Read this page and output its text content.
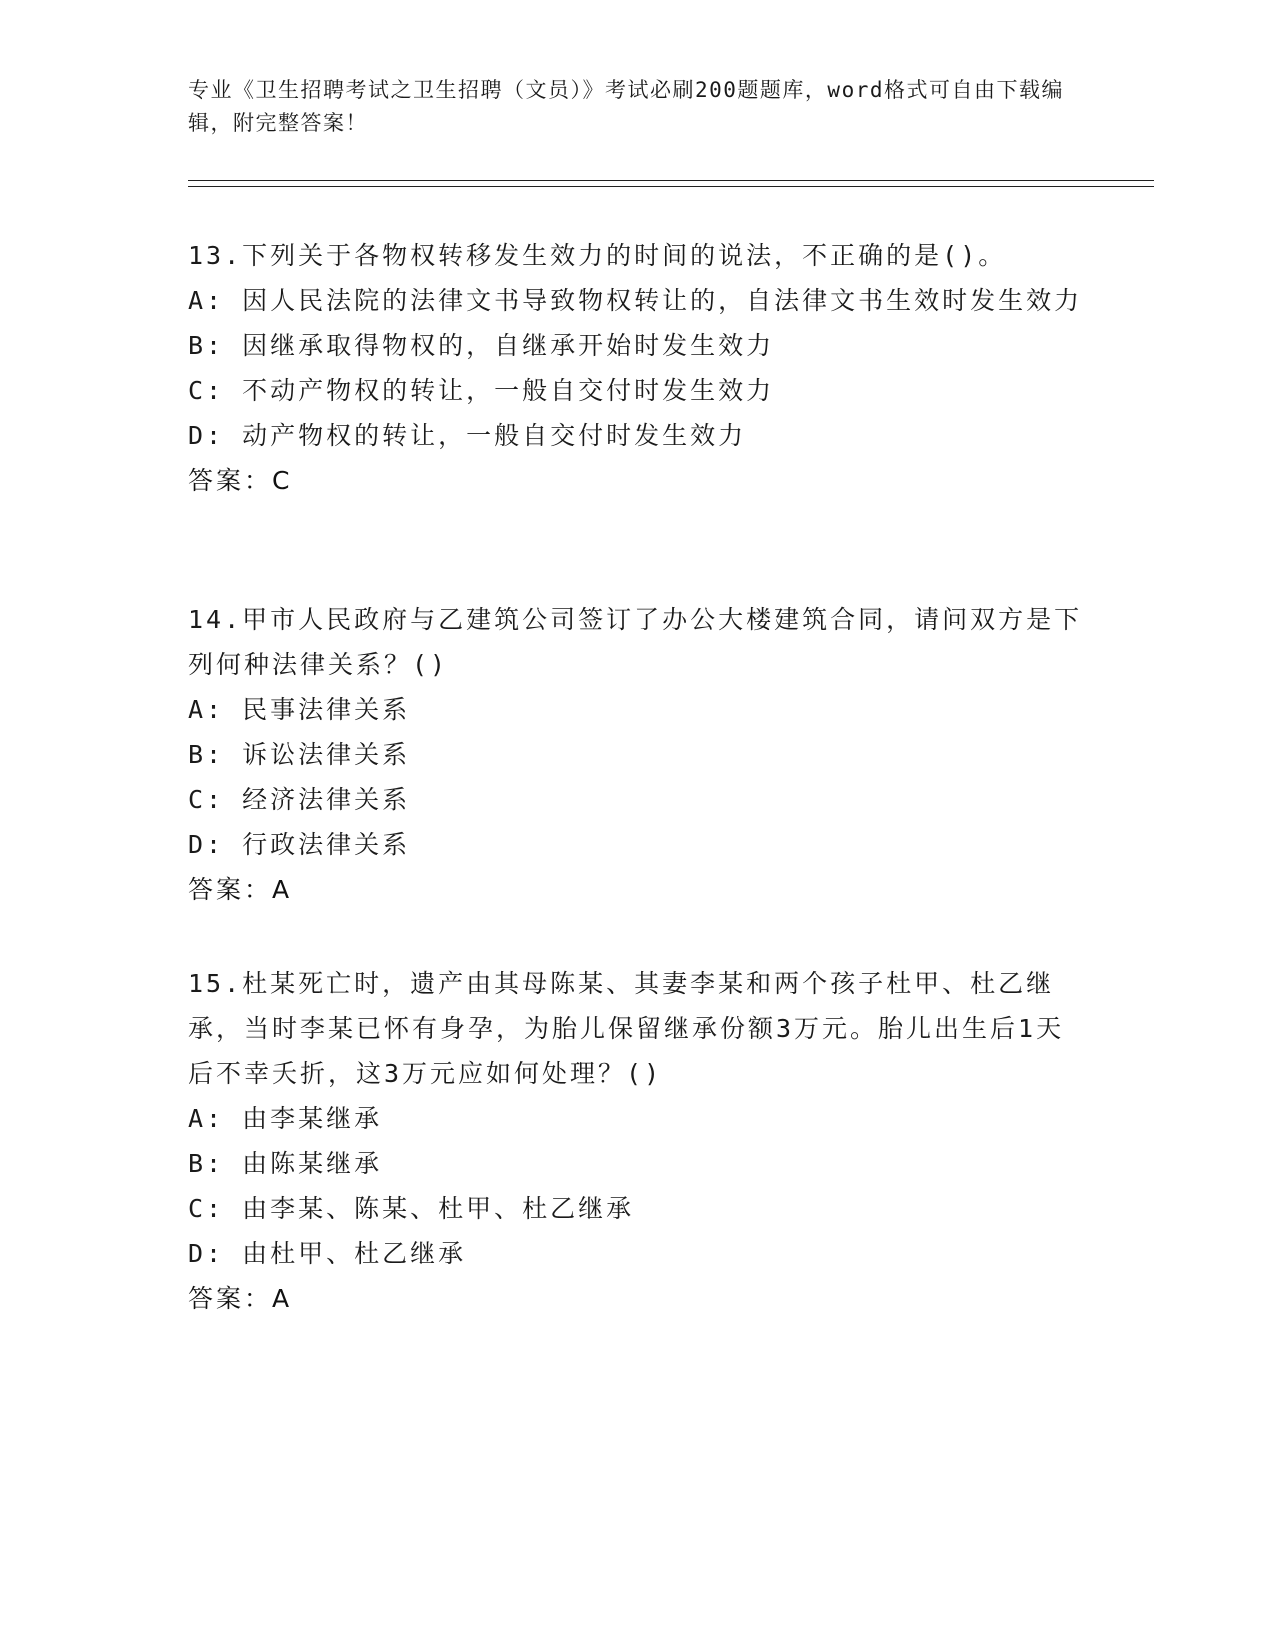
专业《卫生招聘考试之卫生招聘（文员）》考试必刷200题题库，word格式可自由下载编辑，附完整答案！
13.下列关于各物权转移发生效力的时间的说法，不正确的是()。
A: 因人民法院的法律文书导致物权转让的，自法律文书生效时发生效力
B: 因继承取得物权的，自继承开始时发生效力
C: 不动产物权的转让，一般自交付时发生效力
D: 动产物权的转让，一般自交付时发生效力
答案：C
14.甲市人民政府与乙建筑公司签订了办公大楼建筑合同，请问双方是下列何种法律关系？()
A: 民事法律关系
B: 诉讼法律关系
C: 经济法律关系
D: 行政法律关系
答案：A
15.杜某死亡时，遗产由其母陈某、其妻李某和两个孩子杜甲、杜乙继承，当时李某已怀有身孕，为胎儿保留继承份额3万元。胎儿出生后1天后不幸夭折，这3万元应如何处理？()
A: 由李某继承
B: 由陈某继承
C: 由李某、陈某、杜甲、杜乙继承
D: 由杜甲、杜乙继承
答案：A
